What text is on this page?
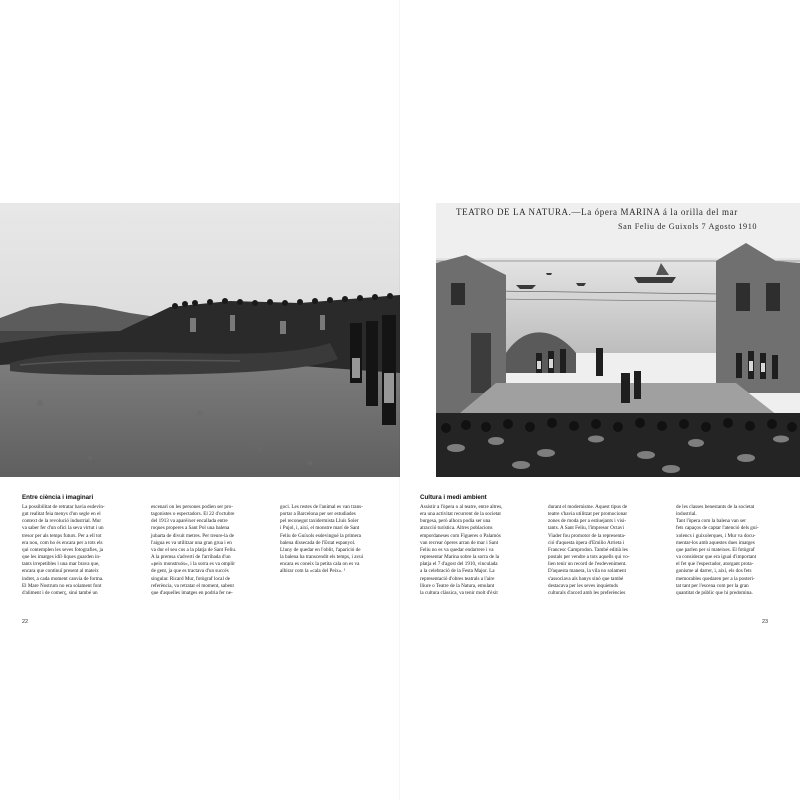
Entre ciència i imaginari

La possibilitat de retratar havia esdevin-

gut realitat feia menys d'un segle en el

context de la revolució industrial. Mur

va saber fer d'un ofici la seva virtut i un

tresor per als temps futurs. Per a ell tot

era nou, com ho és encara per a tots els

qui contemplen les seves fotografies, ja

que les imatges idíl·liques guarden in-

tants irrepetibles i una mar brava que,

encara que continuï present al mateix

indret, a cada moment canvia de forma.

El Mare Nostrum no era solament font

d'aliment i de comerç, sinó també un

escenari on les persones podien ser pro-

tagonistes o espectadors. El 22 d'octubre

del 1913 va aparèixer encallada entre

roques properes a Sant Pol una balena

jubarta de divuit metres. Per treure-la de

l'aigua es va utilitzar una gran grua i en

va dur el seu cos a la platja de Sant Feliu.

A la premsa s'advertí de l'arribada d'un

«peix monstruós», i la sorra es va omplir

de gent, ja que es tractava d'un succés

singular. Ricard Mur, fotògraf local de

referència, va retratar el moment, sabent

que d'aquelles imatges en podria fer ne-

goci. Les restes de l'animal es van trans-

portar a Barcelona per ser estudiades

pel reconegut taxidermista Lluís Soler

i Pujol, i, així, el monstre marí de Sant

Feliu de Guíxols esdevingué la primera

balena dissecada de l'Estat espanyol.

Lluny de quedar en l'oblit, l'aparició de

la balena ha transcendit els temps, i avui

encara es coneix la petita cala on es va

albirar com la «cala del Peix». ¹

22
TEATRO DE LA NATURA.—La ópera MARINA á la orilla del mar
San Feliu de Guixols 7 Agosto 1910
Cultura i medi ambient

Assistir a l'òpera o al teatre, entre altres,

era una activitat recurrent de la societat

burgesa, però alhora podia ser una

atracció turística. Altres poblacions

empordaneses com Figueres o Palamós

van recrear òperes arran de mar i Sant

Feliu no es va quedar endarrere i va

representar Marina sobre la sorra de la

platja el 7 d'agost del 1910, vinculada

a la celebració de la Festa Major. La

representació d'obres teatrals a l'aire

lliure o Teatre de la Natura, emulant

la cultura clàssica, va tenir molt d'èxit

durant el modernisme. Aquest tipus de

teatre s'havia utilitzat per promocionar

zones de moda per a estiuejants i visi-

tants. A Sant Feliu, l'impresor Octavi

Viader fou promotor de la representa-

ció d'aquesta òpera d'Emilio Arrieta i

Francesc Camprodon. També editià les

postals per vendre a tots aquells qui vo-

lien tenir un record de l'esdeveniment.

D'aquesta manera, la vila no solament

s'associava als banys sinó que també

destacava per les seves inquietuds

culturals d'acord amb les preferències

de les classes benestants de la societat

industrial.

Tant l'òpera com la balena van ser

fets capaços de captar l'atenció dels guí-

xolencs i guixolerques, i Mur va docu-

mentar-los amb aquestes dues imatges

que parlen per si mateixes. El fotògraf

va considerar que era igual d'important

el fet que l'espectador, atorgant prota-

gonisme al darrer, i, així, els dos fets

memorables quedaren per a la posteri-

tat tant per l'escena com per la gran

quantitat de públic que hi predomina.

23
